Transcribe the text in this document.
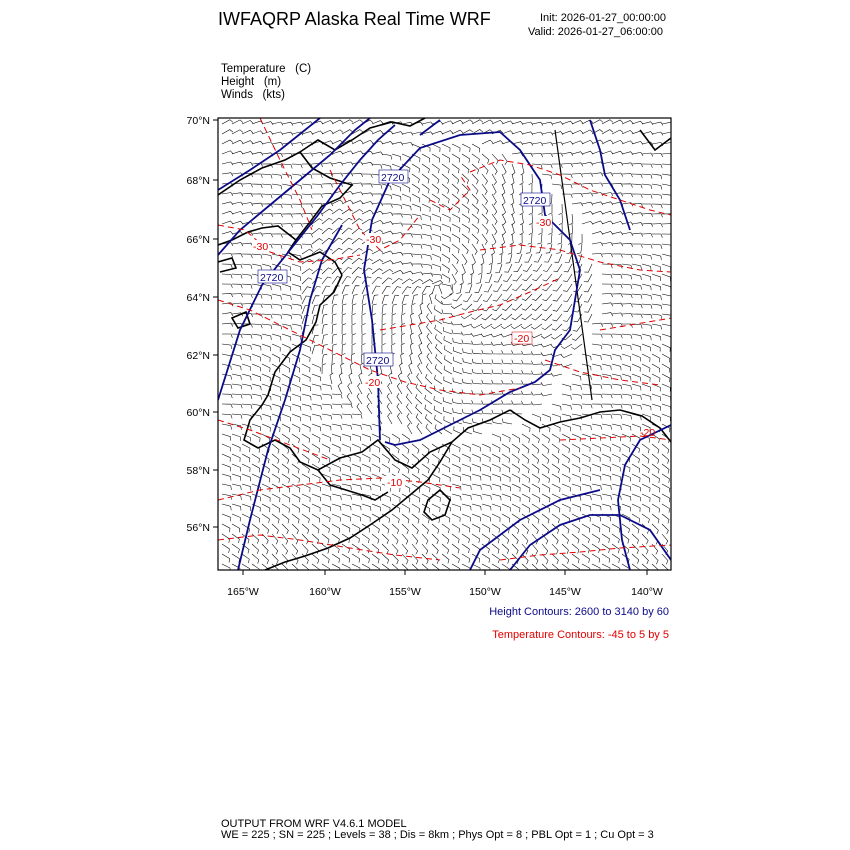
IWFAQRP Alaska Real Time WRF	Init: 2026-01-27_00:00:00
Valid: 2026-01-27_06:00:00
Temperature (C)
Height (m)
Winds (kts)
2720
2720
2720
2720
-30
-30
-30
-20
-20
-10
-20
70°N
68°N
66°N
64°N
62°N
60°N
58°N
56°N
165°W	160°W	155°W	150°W	145°W	140°W
Height Contours: 2600 to 3140 by 60
Temperature Contours: -45 to 5 by 5
OUTPUT FROM WRF V4.6.1 MODEL
WE = 225 ; SN = 225 ; Levels = 38 ; Dis = 8km ; Phys Opt = 8 ; PBL Opt = 1 ; Cu Opt = 3
